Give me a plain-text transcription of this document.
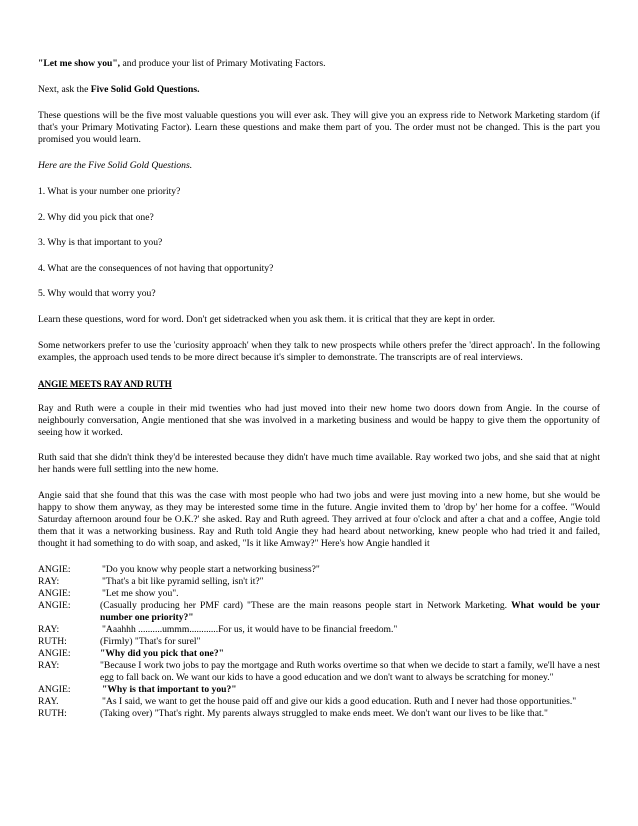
"Let me show you", and produce your list of Primary Motivating Factors.

Next, ask the Five Solid Gold Questions.

These questions will be the five most valuable questions you will ever ask. They will give you an express ride to Network Marketing stardom (if that's your Primary Motivating Factor). Learn these questions and make them part of you. The order must not be changed. This is the part you promised you would learn.

Here are the Five Solid Gold Questions.

1. What is your number one priority?

2. Why did you pick that one?

3. Why is that important to you?

4. What are the consequences of not having that opportunity?

5. Why would that worry you?

Learn these questions, word for word. Don't get sidetracked when you ask them. it is critical that they are kept in order.

Some networkers prefer to use the 'curiosity approach' when they talk to new prospects while others prefer the 'direct approach'. In the following examples, the approach used tends to be more direct because it's simpler to demonstrate. The transcripts are of real interviews.

ANGIE MEETS RAY AND RUTH

Ray and Ruth were a couple in their mid twenties who had just moved into their new home two doors down from Angie. In the course of neighbourly conversation, Angie mentioned that she was involved in a marketing business and would be happy to give them the opportunity of seeing how it worked.

Ruth said that she didn't think they'd be interested because they didn't have much time available. Ray worked two jobs, and she said that at night her hands were full settling into the new home.

Angie said that she found that this was the case with most people who had two jobs and were just moving into a new home, but she would be happy to show them anyway, as they may be interested some time in the future. Angie invited them to 'drop by' her home for a coffee. "Would Saturday afternoon around four be O.K.?' she asked. Ray and Ruth agreed. They arrived at four o'clock and after a chat and a coffee, Angie told them that it was a networking business. Ray and Ruth told Angie they had heard about networking, knew people who had tried it and failed, thought it had something to do with soap, and asked, "Is it like Amway?" Here's how Angie handled it

ANGIE:	"Do you know why people start a networking business?"
RAY:	"That's a bit like pyramid selling, isn't it?"
ANGIE:	"Let me show you".
ANGIE:	(Casually producing her PMF card) "These are the main reasons people start in Network Marketing. What would be your number one priority?"
RAY:	"Aaahhh ..........ummm............For us, it would have to be financial freedom."
RUTH:	(Firmly) "That's for surel"
ANGIE:	"Why did you pick that one?"
RAY:	"Because I work two jobs to pay the mortgage and Ruth works overtime so that when we decide to start a family, we'll have a nest egg to fall back on. We want our kids to have a good education and we don't want to always be scratching for money."
ANGIE:	"Why is that important to you?"
RAY.	"As I said, we want to get the house paid off and give our kids a good education. Ruth and I never had those opportunities."
RUTH:	(Taking over) "That's right. My parents always struggled to make ends meet. We don't want our lives to be like that."
